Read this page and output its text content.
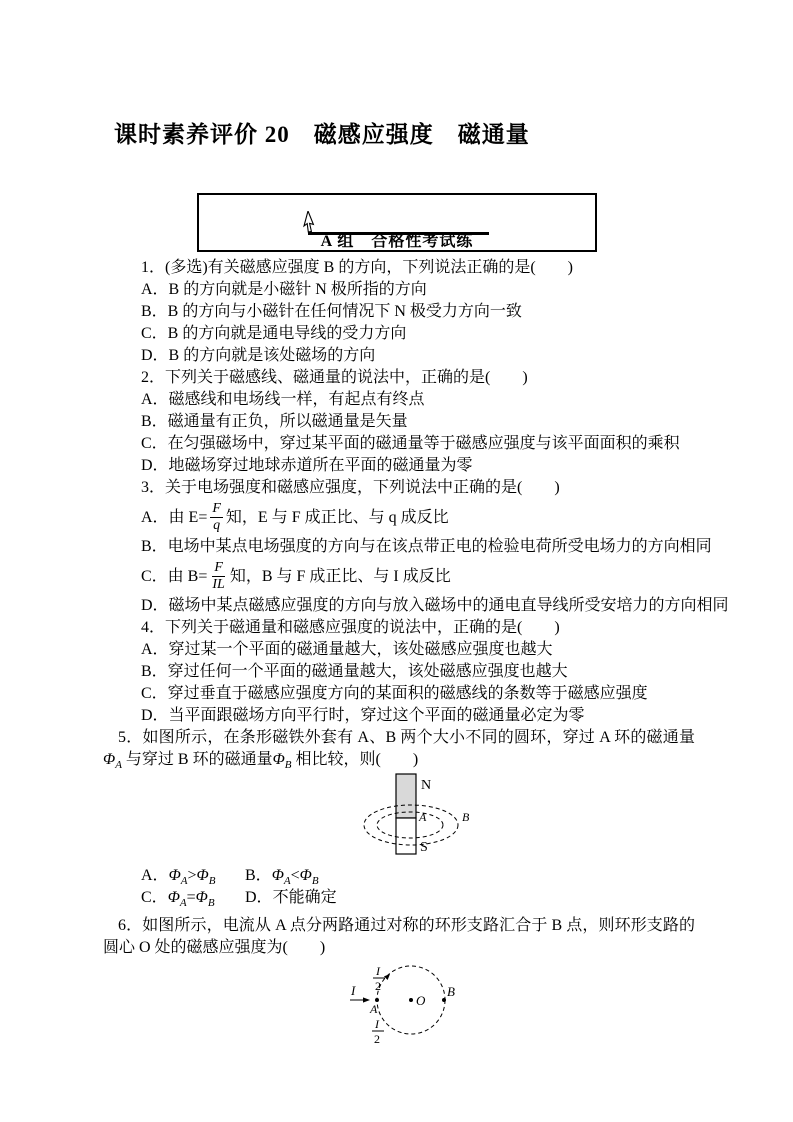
课时素养评价 20　磁感应强度　磁通量
A 组　合格性考试练
1．(多选)有关磁感应强度 B 的方向，下列说法正确的是(　　)
A．B 的方向就是小磁针 N 极所指的方向
B．B 的方向与小磁针在任何情况下 N 极受力方向一致
C．B 的方向就是通电导线的受力方向
D．B 的方向就是该处磁场的方向
2．下列关于磁感线、磁通量的说法中，正确的是(　　)
A．磁感线和电场线一样，有起点有终点
B．磁通量有正负，所以磁通量是矢量
C．在匀强磁场中，穿过某平面的磁通量等于磁感应强度与该平面面积的乘积
D．地磁场穿过地球赤道所在平面的磁通量为零
3．关于电场强度和磁感应强度，下列说法中正确的是(　　)
A．由 $E= \frac{F}{q}$ 知，E 与 F 成正比、与 q 成反比
B．电场中某点电场强度的方向与在该点带正电的检验电荷所受电场力的方向相同
C．由 $B= \frac{F}{IL}$ 知，B 与 F 成正比、与 I 成反比
D．磁场中某点磁感应强度的方向与放入磁场中的通电直导线所受安培力的方向相同
4．下列关于磁通量和磁感应强度的说法中，正确的是(　　)
A．穿过某一个平面的磁通量越大，该处磁感应强度也越大
B．穿过任何一个平面的磁通量越大，该处磁感应强度也越大
C．穿过垂直于磁感应强度方向的某面积的磁感线的条数等于磁感应强度
D．当平面跟磁场方向平行时，穿过这个平面的磁通量必定为零
5．如图所示，在条形磁铁外套有 A、B 两个大小不同的圆环，穿过 A 环的磁通量$\Phi_A$ 与穿过 B 环的磁通量$\Phi_B$ 相比较，则(　　)
N
S
A	B
A．$\Phi_A>\Phi_B$ B．$\Phi_A<\Phi_B$
C．$\Phi_A=\Phi_B$ D．不能确定
6．如图所示，电流从 A 点分两路通过对称的环形支路汇合于 B 点，则环形支路的圆心 O 处的磁感应强度为(　　)
I
I
2
I
2
A
O
B
